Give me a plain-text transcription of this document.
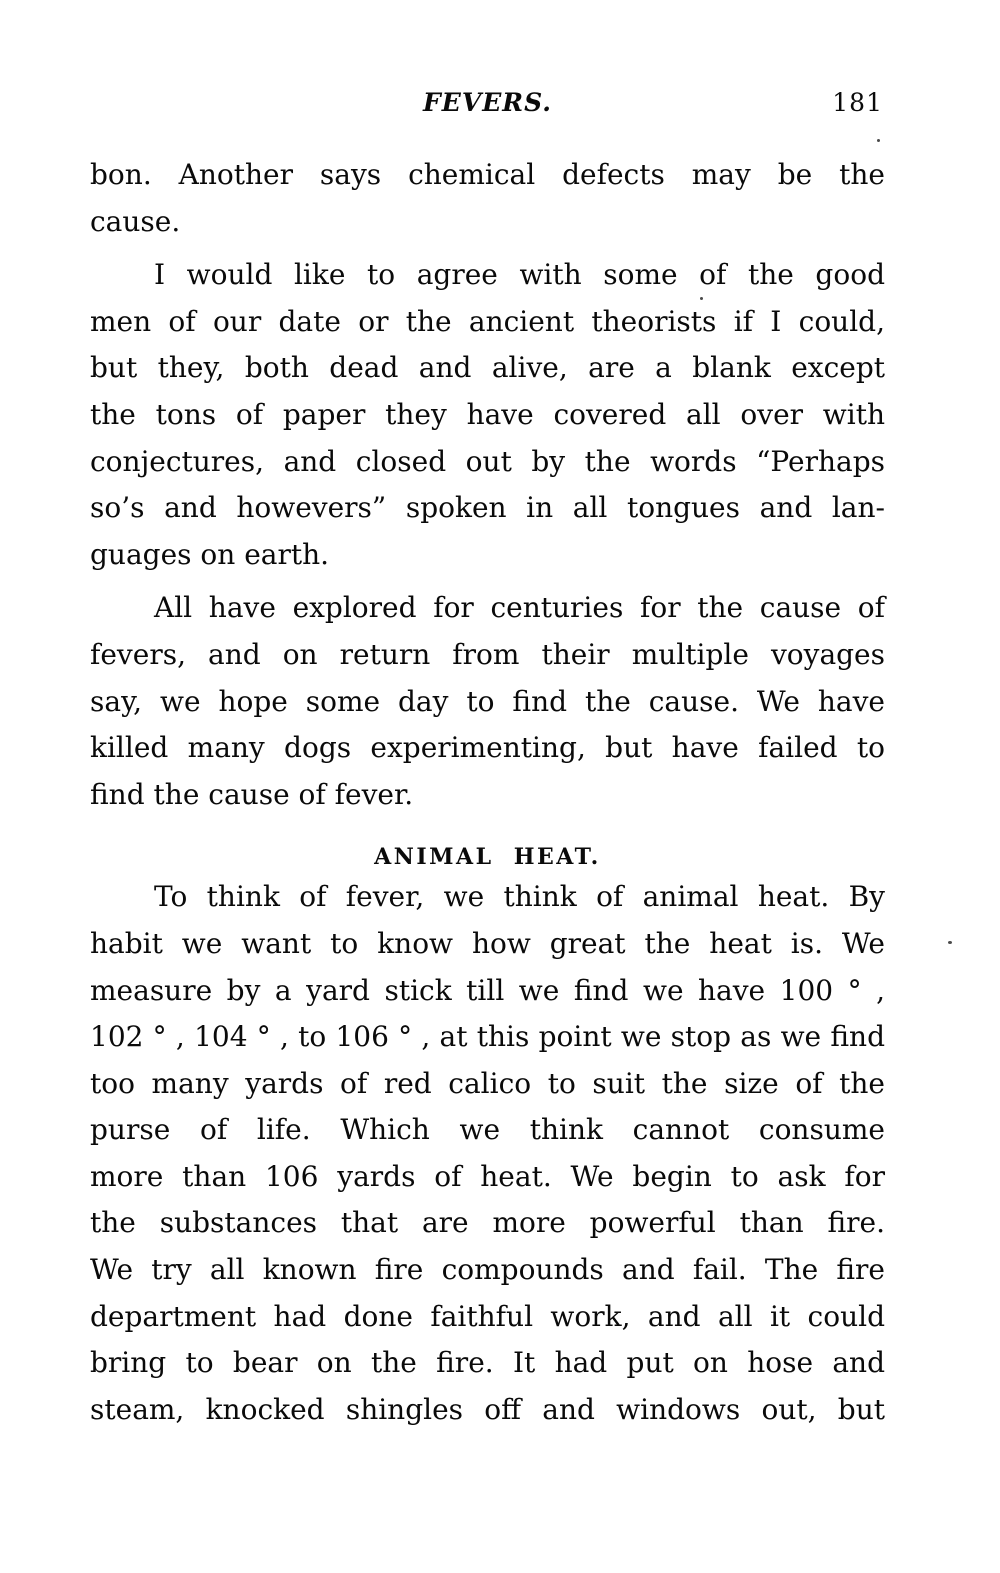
FEVERS.	181
bon. Another says chemical defects may be the
cause.
I would like to agree with some of the good
men of our date or the ancient theorists if I could,
but they, both dead and alive, are a blank except
the tons of paper they have covered all over with
conjectures, and closed out by the words “Perhaps
so’s and howevers” spoken in all tongues and lan-
guages on earth.
All have explored for centuries for the cause of
fevers, and on return from their multiple voyages
say, we hope some day to find the cause. We have
killed many dogs experimenting, but have failed to
find the cause of fever.
ANIMAL HEAT.
To think of fever, we think of animal heat. By
habit we want to know how great the heat is. We
measure by a yard stick till we find we have 100 ° ,
102 ° , 104 ° , to 106 ° , at this point we stop as we find
too many yards of red calico to suit the size of the
purse of life. Which we think cannot consume
more than 106 yards of heat. We begin to ask for
the substances that are more powerful than fire.
We try all known fire compounds and fail. The fire
department had done faithful work, and all it could
bring to bear on the fire. It had put on hose and
steam, knocked shingles off and windows out, but
